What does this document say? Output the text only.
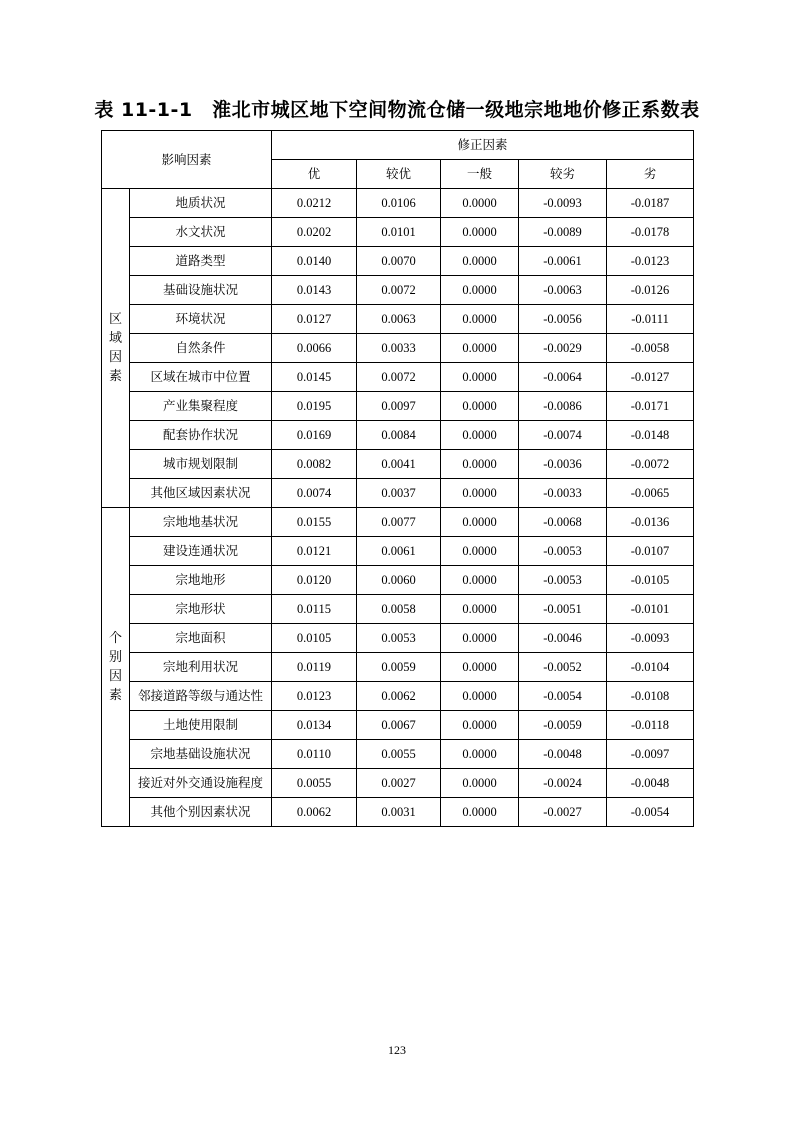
表 11-1-1　淮北市城区地下空间物流仓储一级地宗地地价修正系数表
影响因素		修正因素				
		优	较优	一般	较劣	劣
区
域
因
素	地质状况	0.0212	0.0106	0.0000	-0.0093	-0.0187
	水文状况	0.0202	0.0101	0.0000	-0.0089	-0.0178
	道路类型	0.0140	0.0070	0.0000	-0.0061	-0.0123
	基础设施状况	0.0143	0.0072	0.0000	-0.0063	-0.0126
	环境状况	0.0127	0.0063	0.0000	-0.0056	-0.0111
	自然条件	0.0066	0.0033	0.0000	-0.0029	-0.0058
	区域在城市中位置	0.0145	0.0072	0.0000	-0.0064	-0.0127
	产业集聚程度	0.0195	0.0097	0.0000	-0.0086	-0.0171
	配套协作状况	0.0169	0.0084	0.0000	-0.0074	-0.0148
	城市规划限制	0.0082	0.0041	0.0000	-0.0036	-0.0072
	其他区域因素状况	0.0074	0.0037	0.0000	-0.0033	-0.0065
个
别
因
素	宗地地基状况	0.0155	0.0077	0.0000	-0.0068	-0.0136
	建设连通状况	0.0121	0.0061	0.0000	-0.0053	-0.0107
	宗地地形	0.0120	0.0060	0.0000	-0.0053	-0.0105
	宗地形状	0.0115	0.0058	0.0000	-0.0051	-0.0101
	宗地面积	0.0105	0.0053	0.0000	-0.0046	-0.0093
	宗地利用状况	0.0119	0.0059	0.0000	-0.0052	-0.0104
	邻接道路等级与通达性	0.0123	0.0062	0.0000	-0.0054	-0.0108
	土地使用限制	0.0134	0.0067	0.0000	-0.0059	-0.0118
	宗地基础设施状况	0.0110	0.0055	0.0000	-0.0048	-0.0097
	接近对外交通设施程度	0.0055	0.0027	0.0000	-0.0024	-0.0048
	其他个别因素状况	0.0062	0.0031	0.0000	-0.0027	-0.0054
123
